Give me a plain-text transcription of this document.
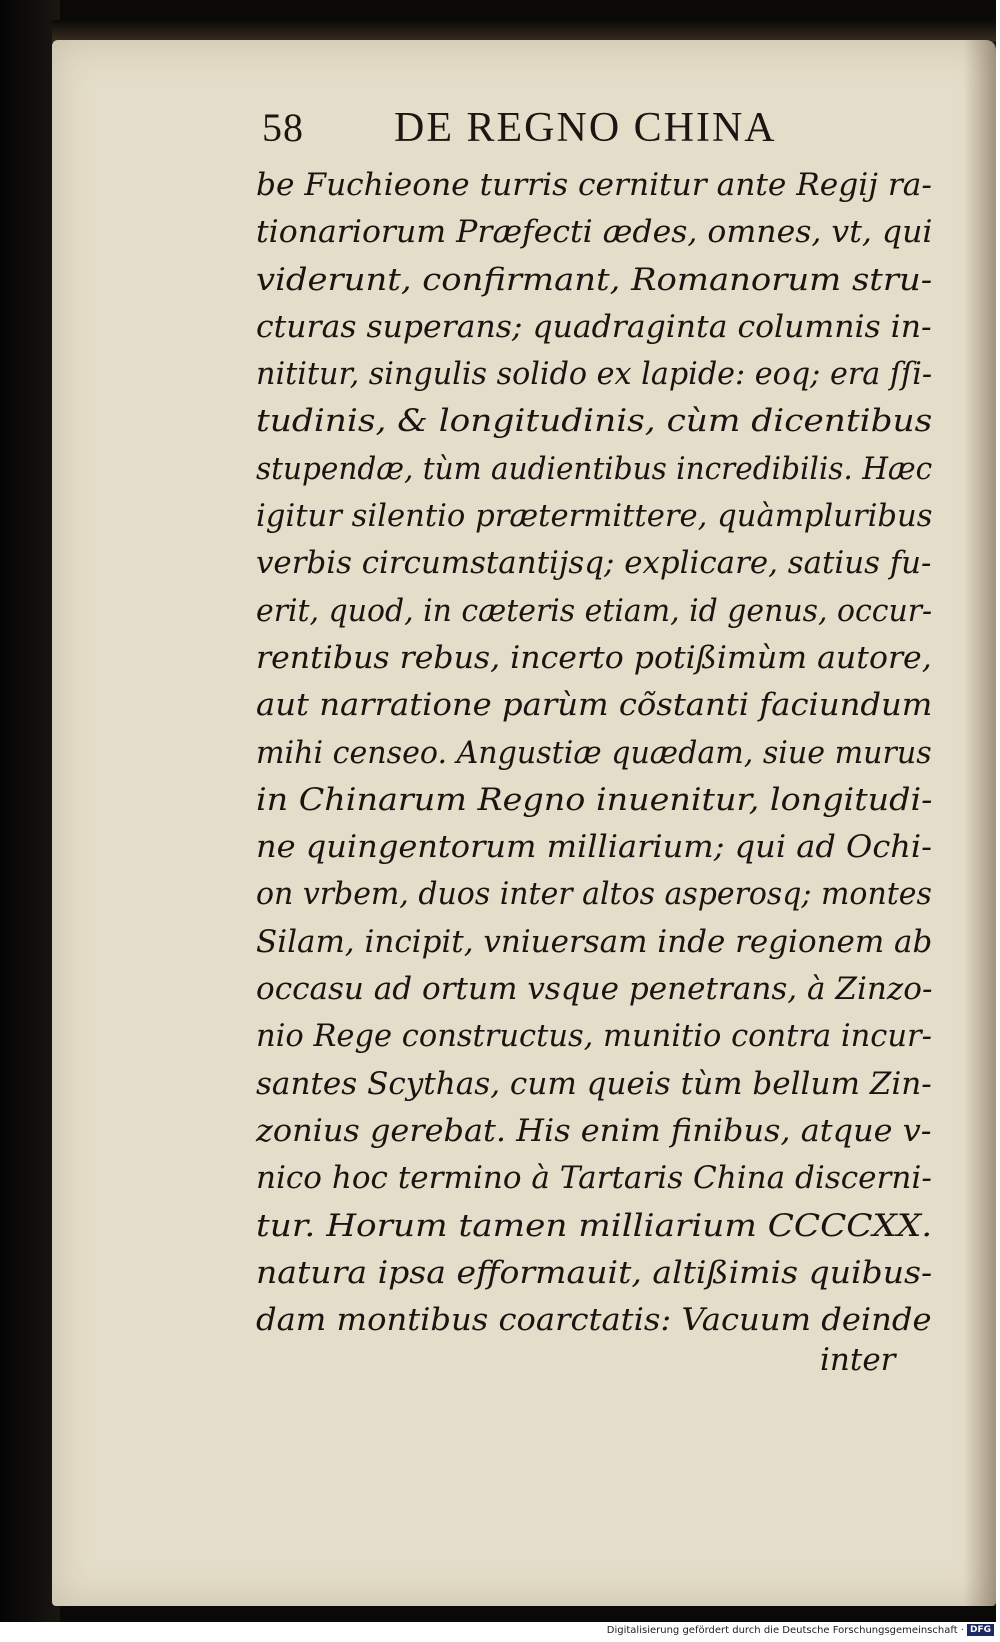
58 DE REGNO CHINA
be Fuchieone turris cernitur ante Regij ra-
tionariorum Præfecti ædes, omnes, vt, qui
viderunt, confirmant, Romanorum stru-
cturas superans; quadraginta columnis in-
nititur, singulis solido ex lapide: eoq; era ſſi-
tudinis, & longitudinis, cùm dicentibus
stupendæ, tùm audientibus incredibilis. Hæc
igitur silentio prætermittere, quàmpluribus
verbis circumstantijsq; explicare, satius fu-
erit, quod, in cæteris etiam, id genus, occur-
rentibus rebus, incerto potißimùm autore,
aut narratione parùm cõstanti faciundum
mihi censeo. Angustiæ quædam, siue murus
in Chinarum Regno inuenitur, longitudi-
ne quingentorum milliarium; qui ad Ochi-
on vrbem, duos inter altos asperosq; montes
Silam, incipit, vniuersam inde regionem ab
occasu ad ortum vsque penetrans, à Zinzo-
nio Rege constructus, munitio contra incur-
santes Scythas, cum queis tùm bellum Zin-
zonius gerebat. His enim finibus, atque v-
nico hoc termino à Tartaris China discerni-
tur. Horum tamen milliarium CCCCXX.
natura ipsa efformauit, altißimis quibus-
dam montibus coarctatis: Vacuum deinde
inter
Digitalisierung gefördert durch die Deutsche Forschungsgemeinschaft · DFG
